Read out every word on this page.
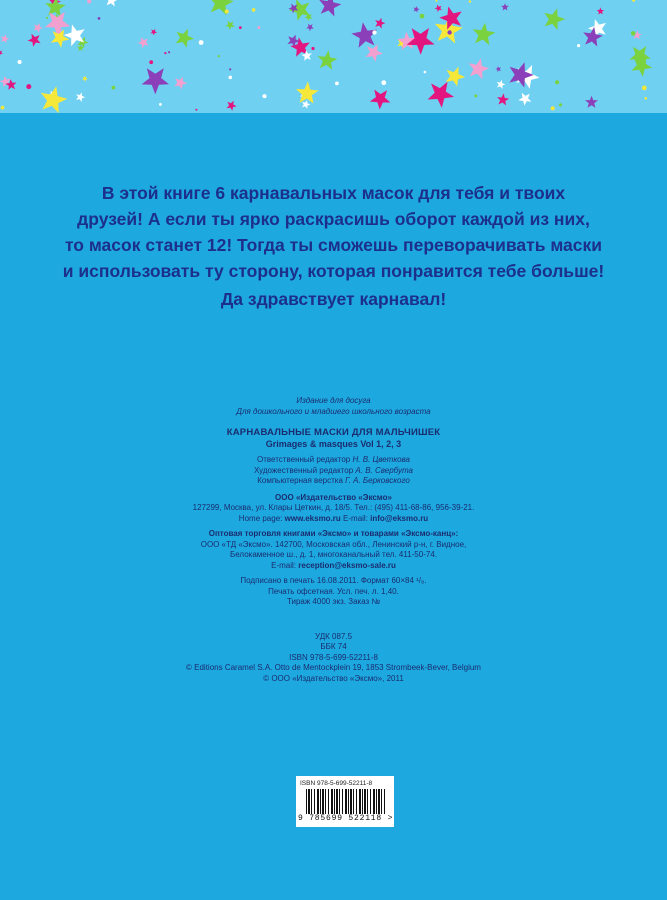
В этой книге 6 карнавальных масок для тебя и твоих

друзей! А если ты ярко раскрасишь оборот каждой из них,

то масок станет 12! Тогда ты сможешь переворачивать маски

и использовать ту сторону, которая понравится тебе больше!

Да здравствует карнавал!
Издание для досуга
Для дошкольного и младшего школьного возраста
КАРНАВАЛЬНЫЕ МАСКИ ДЛЯ МАЛЬЧИШЕК
Grimages & masques Vol 1, 2, 3
Ответственный редактор Н. В. Цветкова
Художественный редактор А. В. Свербута
Компьютерная верстка Г. А. Берковского
ООО «Издательство «Эксмо»
127299, Москва, ул. Клары Цеткин, д. 18/5. Тел.: (495) 411-68-86, 956-39-21.
Home page: www.eksmo.ru E-mail: info@eksmo.ru
Оптовая торговля книгами «Эксмо» и товарами «Эксмо-канц»:
ООО «ТД «Эксмо». 142700, Московская обл., Ленинский р-н, г. Видное,
Белокаменное ш., д. 1, многоканальный тел. 411-50-74.
E-mail: reception@eksmo-sale.ru
Подписано в печать 16.08.2011. Формат 60×84 ¹/₈.
Печать офсетная. Усл. печ. л. 1,40.
Тираж 4000 экз. Заказ №
УДК 087.5
ББК 74
ISBN 978-5-699-52211-8
© Editions Caramel S.A. Otto de Mentockplein 19, 1853 Strombeek-Bever, Belgium
© ООО «Издательство «Эксмо», 2011
ISBN 978-5-699-52211-8
9 785699 522118 >
